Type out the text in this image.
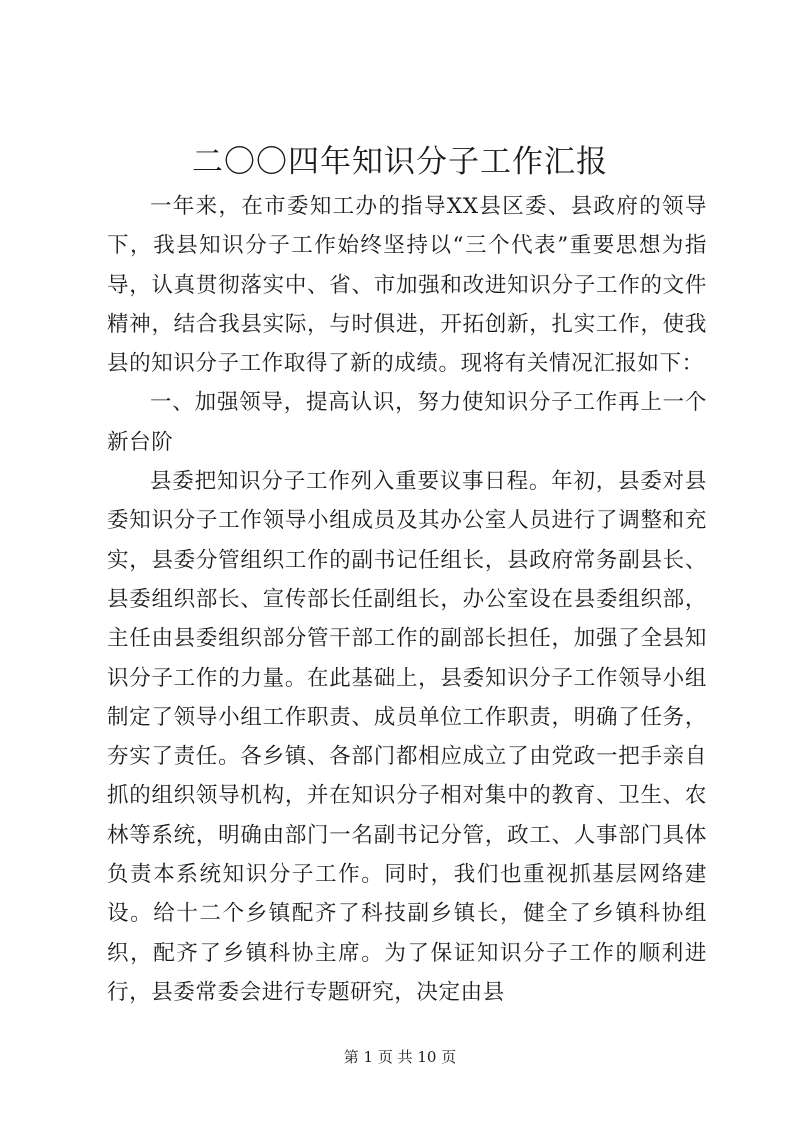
二〇〇四年知识分子工作汇报

一年来，在市委知工办的指导XX县区委、县政府的领导下，我县知识分子工作始终坚持以“三个代表”重要思想为指导，认真贯彻落实中、省、市加强和改进知识分子工作的文件精神，结合我县实际，与时俱进，开拓创新，扎实工作，使我县的知识分子工作取得了新的成绩。现将有关情况汇报如下：

一、加强领导，提高认识，努力使知识分子工作再上一个新台阶

县委把知识分子工作列入重要议事日程。年初，县委对县委知识分子工作领导小组成员及其办公室人员进行了调整和充实，县委分管组织工作的副书记任组长，县政府常务副县长、县委组织部长、宣传部长任副组长，办公室设在县委组织部，主任由县委组织部分管干部工作的副部长担任，加强了全县知识分子工作的力量。在此基础上，县委知识分子工作领导小组制定了领导小组工作职责、成员单位工作职责，明确了任务，夯实了责任。各乡镇、各部门都相应成立了由党政一把手亲自抓的组织领导机构，并在知识分子相对集中的教育、卫生、农林等系统，明确由部门一名副书记分管，政工、人事部门具体负责本系统知识分子工作。同时，我们也重视抓基层网络建设。给十二个乡镇配齐了科技副乡镇长，健全了乡镇科协组织，配齐了乡镇科协主席。为了保证知识分子工作的顺利进行，县委常委会进行专题研究，决定由县

第 1 页 共 10 页
